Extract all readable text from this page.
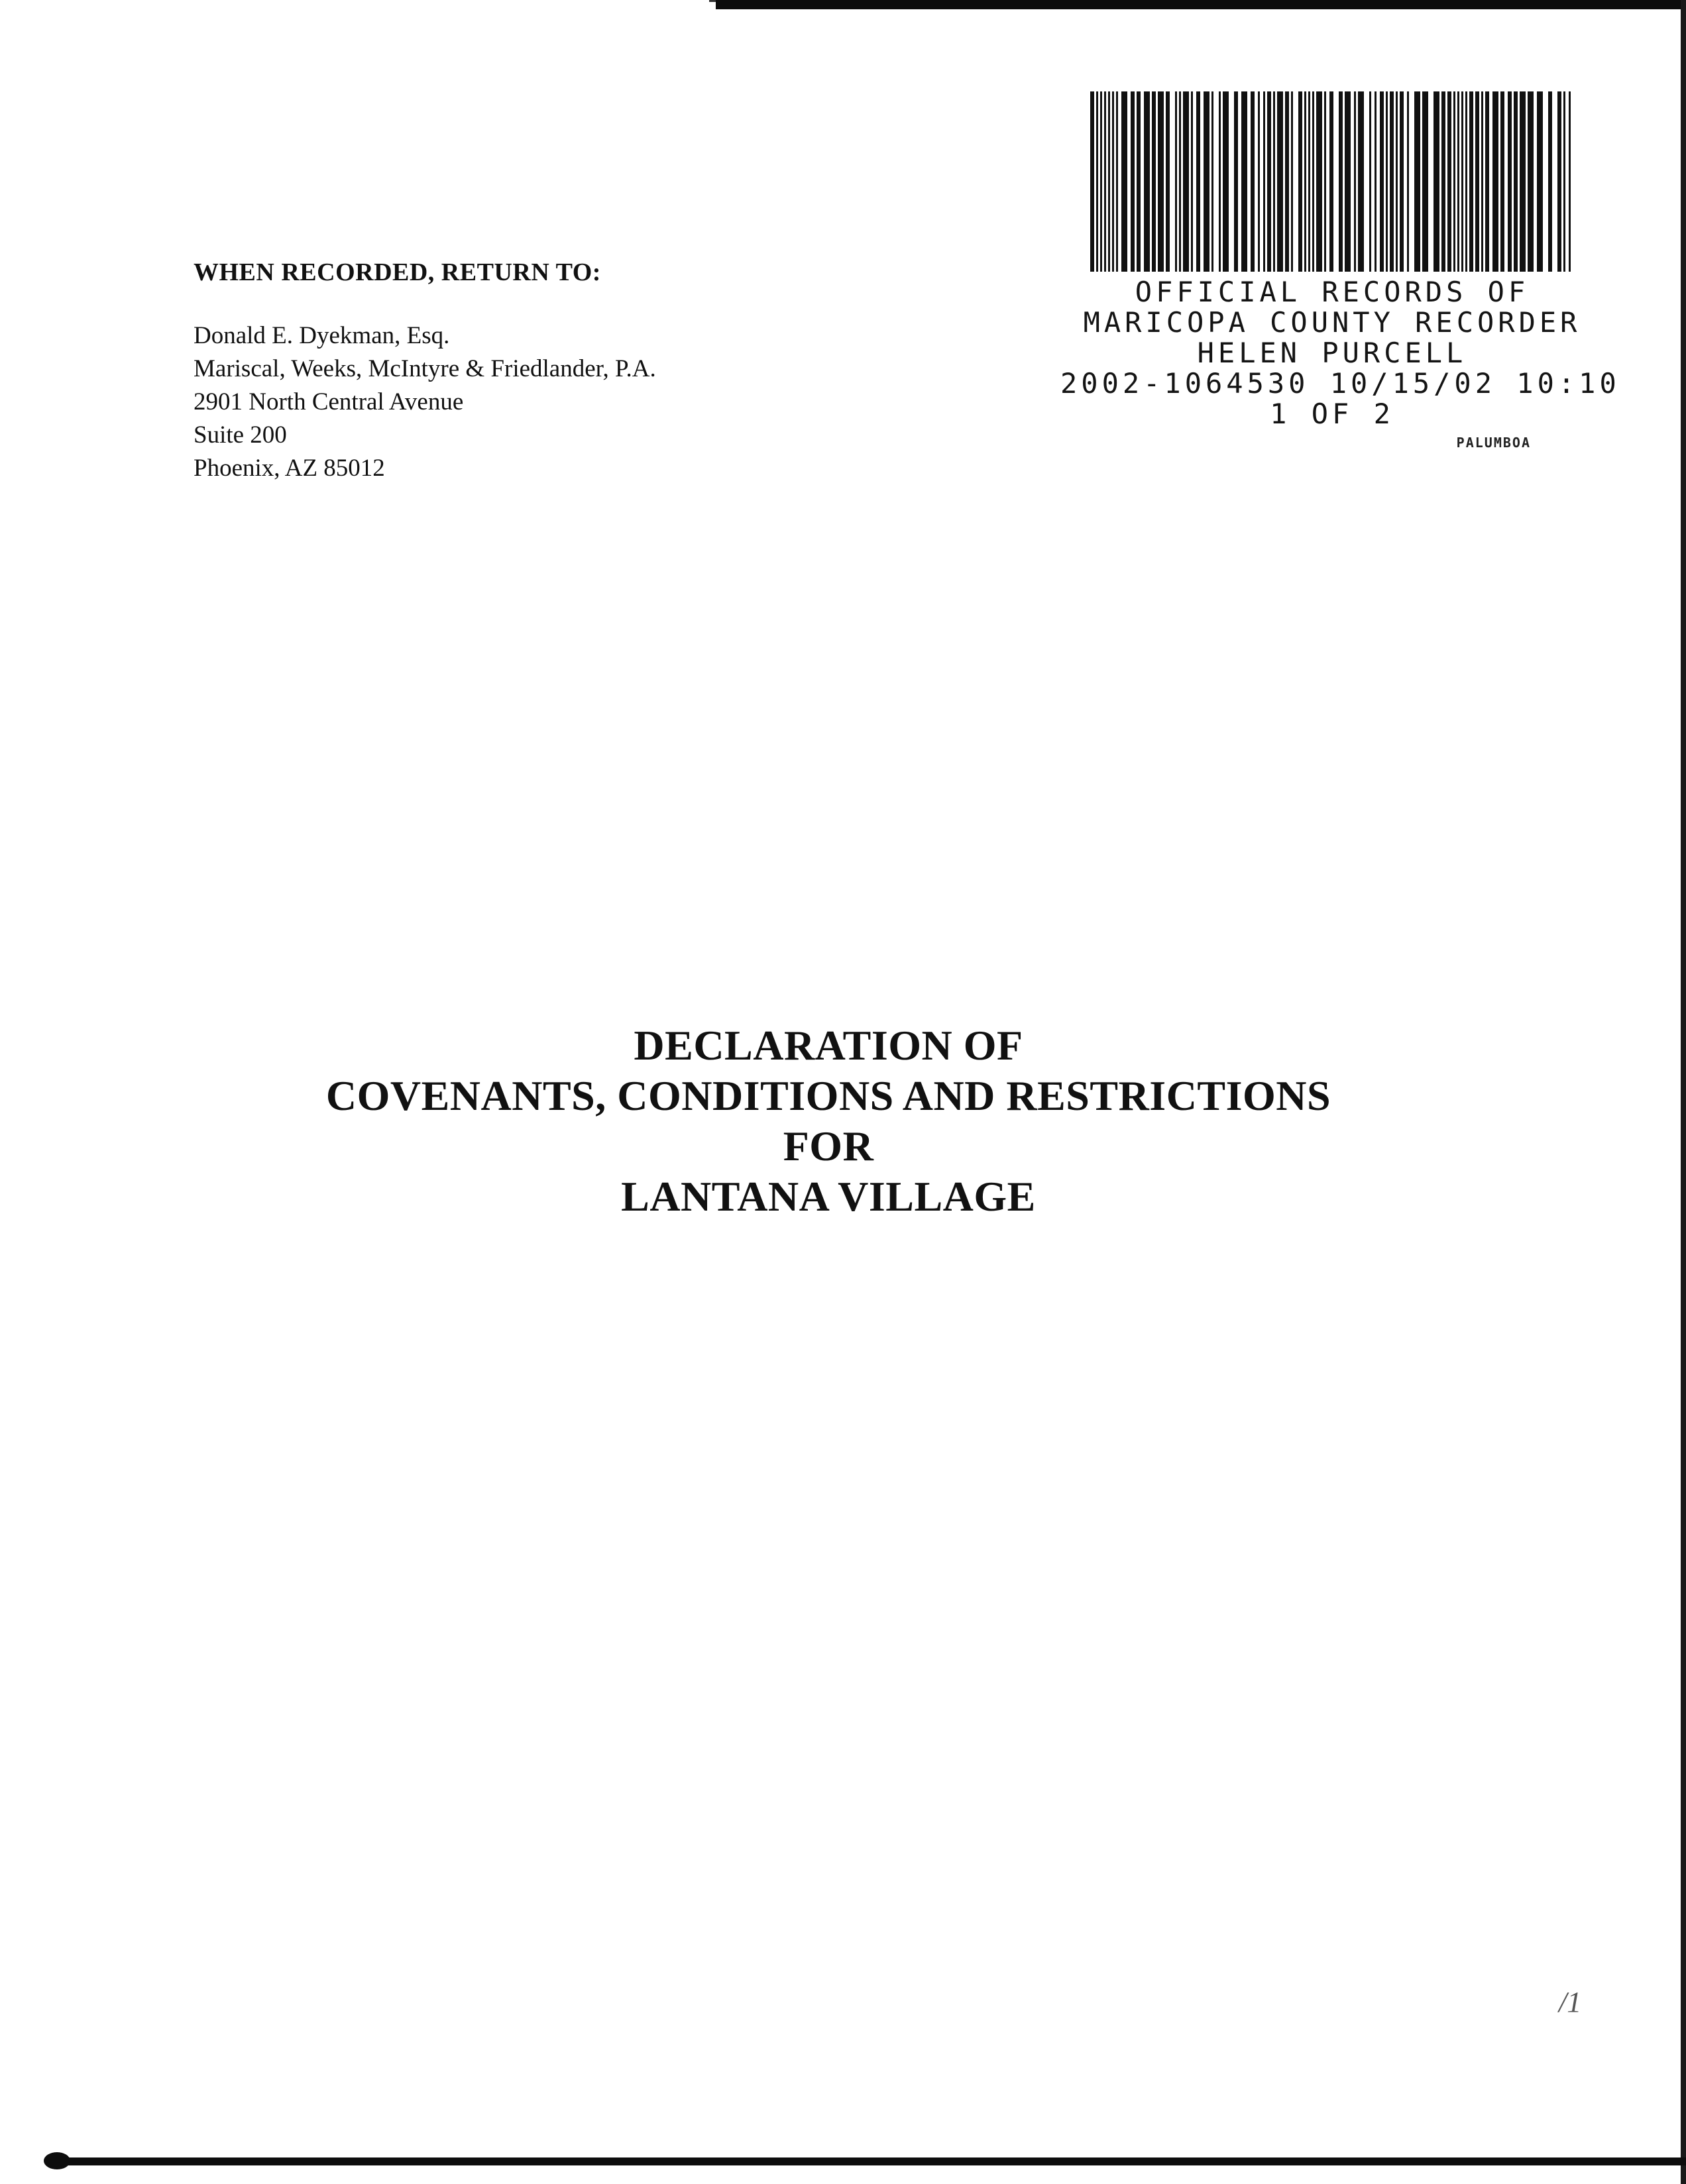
WHEN RECORDED, RETURN TO:

Donald E. Dyekman, Esq.

Mariscal, Weeks, McIntyre & Friedlander, P.A.

2901 North Central Avenue

Suite 200

Phoenix, AZ 85012

OFFICIAL RECORDS OF

MARICOPA COUNTY RECORDER

HELEN PURCELL

2002-1064530 10/15/02 10:10

1 OF 2

PALUMBOA

DECLARATION OF

COVENANTS, CONDITIONS AND RESTRICTIONS

FOR

LANTANA VILLAGE

/1
